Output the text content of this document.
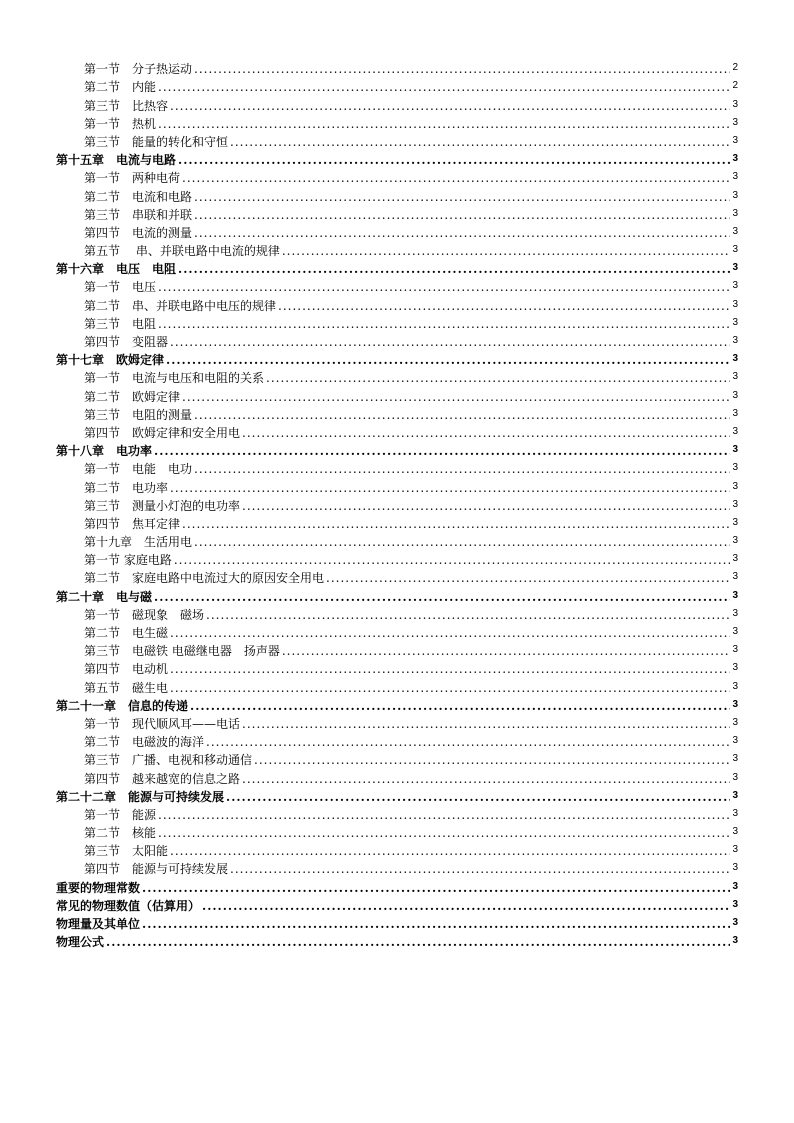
第一节　分子热运动 .....	2
第二节　内能 .....	2
第三节　比热容 .....	3
第一节　热机 .....	3
第三节　能量的转化和守恒 .....	3
第十五章　电流与电路 .....	3
第一节　两种电荷 .....	3
第二节　电流和电路 .....	3
第三节　串联和并联 .....	3
第四节　电流的测量 .....	3
第五节　 串、并联电路中电流的规律 .....	3
第十六章　电压　电阻 .....	3
第一节　电压 .....	3
第二节　串、并联电路中电压的规律 .....	3
第三节　电阻 .....	3
第四节　变阻器 .....	3
第十七章　欧姆定律 .....	3
第一节　电流与电压和电阻的关系 .....	3
第二节　欧姆定律 .....	3
第三节　电阻的测量 .....	3
第四节　欧姆定律和安全用电 .....	3
第十八章　电功率 .....	3
第一节　电能　电功 .....	3
第二节　电功率 .....	3
第三节　测量小灯泡的电功率 .....	3
第四节　焦耳定律 .....	3
第十九章　生活用电 .....	3
第一节 家庭电路 .....	3
第二节　家庭电路中电流过大的原因安全用电 .....	3
第二十章　电与磁 .....	3
第一节　磁现象　磁场 .....	3
第二节　电生磁 .....	3
第三节　电磁铁 电磁继电器　扬声器 .....	3
第四节　电动机 .....	3
第五节　磁生电 .....	3
第二十一章　信息的传递 .....	3
第一节　现代顺风耳——电话 .....	3
第二节　电磁波的海洋 .....	3
第三节　广播、电视和移动通信 .....	3
第四节　越来越宽的信息之路 .....	3
第二十二章　能源与可持续发展 .....	3
第一节　能源 .....	3
第二节　核能 .....	3
第三节　太阳能 .....	3
第四节　能源与可持续发展 .....	3
重要的物理常数 .....	3
常见的物理数值（估算用） .....	3
物理量及其单位 .....	3
物理公式 .....	3
